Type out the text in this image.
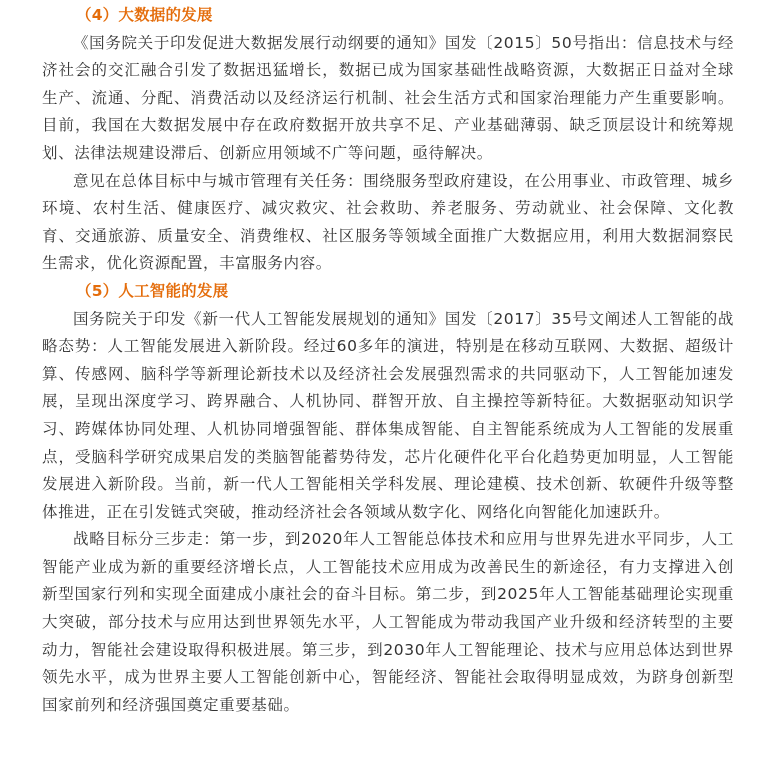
（4）大数据的发展

《国务院关于印发促进大数据发展行动纲要的通知》国发〔2015〕50号指出：信息技术与经济社会的交汇融合引发了数据迅猛增长，数据已成为国家基础性战略资源，大数据正日益对全球生产、流通、分配、消费活动以及经济运行机制、社会生活方式和国家治理能力产生重要影响。目前，我国在大数据发展中存在政府数据开放共享不足、产业基础薄弱、缺乏顶层设计和统筹规划、法律法规建设滞后、创新应用领域不广等问题，亟待解决。

意见在总体目标中与城市管理有关任务：围绕服务型政府建设，在公用事业、市政管理、城乡环境、农村生活、健康医疗、减灾救灾、社会救助、养老服务、劳动就业、社会保障、文化教育、交通旅游、质量安全、消费维权、社区服务等领域全面推广大数据应用，利用大数据洞察民生需求，优化资源配置，丰富服务内容。

（5）人工智能的发展

国务院关于印发《新一代人工智能发展规划的通知》国发〔2017〕35号文阐述人工智能的战略态势：人工智能发展进入新阶段。经过60多年的演进，特别是在移动互联网、大数据、超级计算、传感网、脑科学等新理论新技术以及经济社会发展强烈需求的共同驱动下，人工智能加速发展，呈现出深度学习、跨界融合、人机协同、群智开放、自主操控等新特征。大数据驱动知识学习、跨媒体协同处理、人机协同增强智能、群体集成智能、自主智能系统成为人工智能的发展重点，受脑科学研究成果启发的类脑智能蓄势待发，芯片化硬件化平台化趋势更加明显，人工智能发展进入新阶段。当前，新一代人工智能相关学科发展、理论建模、技术创新、软硬件升级等整体推进，正在引发链式突破，推动经济社会各领域从数字化、网络化向智能化加速跃升。

战略目标分三步走：第一步，到2020年人工智能总体技术和应用与世界先进水平同步，人工智能产业成为新的重要经济增长点，人工智能技术应用成为改善民生的新途径，有力支撑进入创新型国家行列和实现全面建成小康社会的奋斗目标。第二步，到2025年人工智能基础理论实现重大突破，部分技术与应用达到世界领先水平，人工智能成为带动我国产业升级和经济转型的主要动力，智能社会建设取得积极进展。第三步，到2030年人工智能理论、技术与应用总体达到世界领先水平，成为世界主要人工智能创新中心，智能经济、智能社会取得明显成效，为跻身创新型国家前列和经济强国奠定重要基础。
